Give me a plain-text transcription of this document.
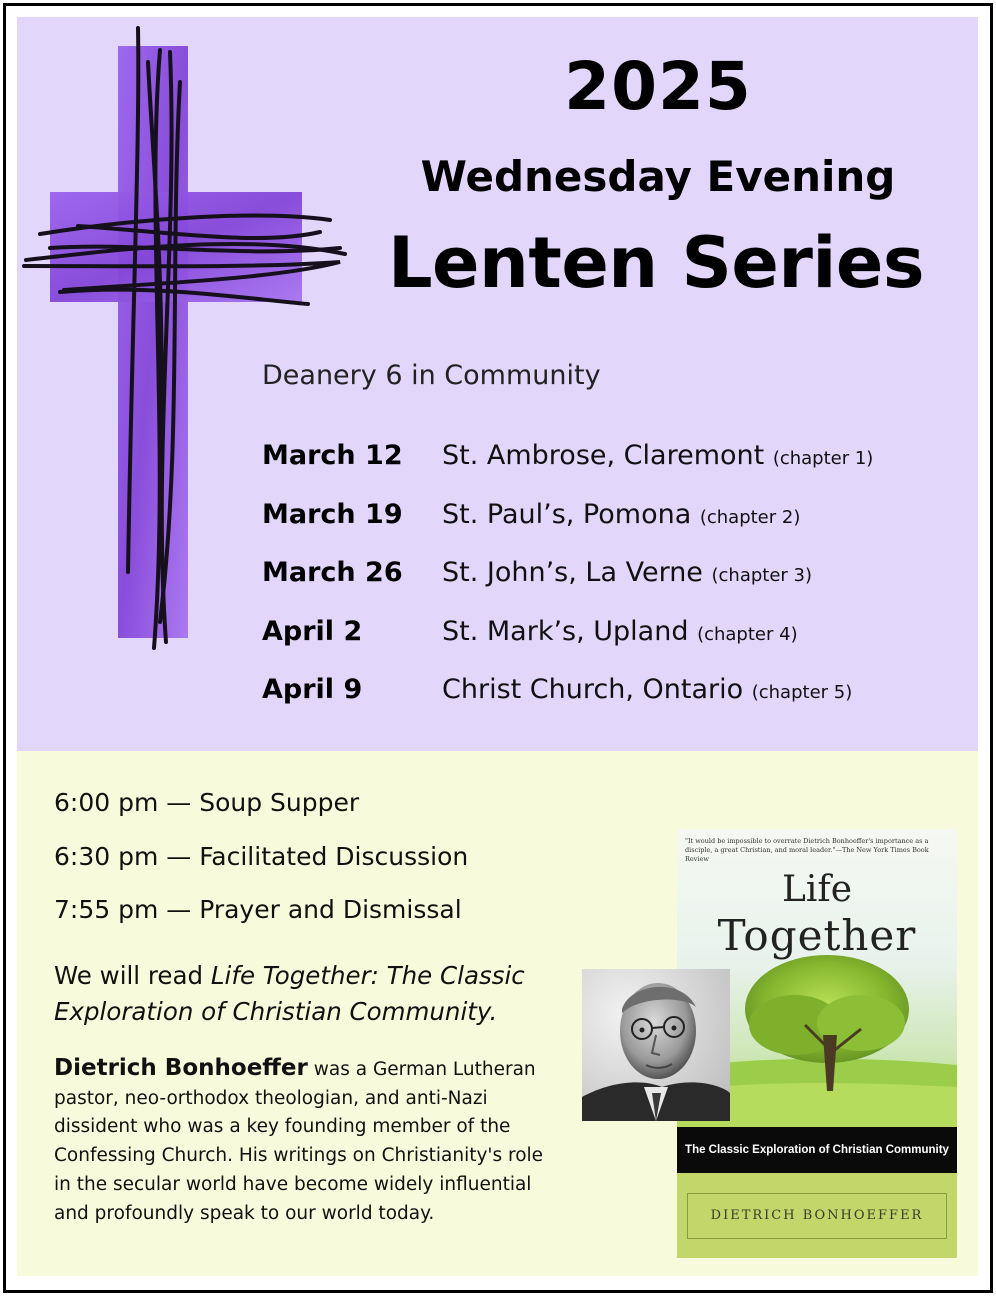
2025
Wednesday Evening
Lenten Series
Deanery 6 in Community
March 12 St. Ambrose, Claremont (chapter 1)
March 19 St. Paul’s, Pomona (chapter 2)
March 26 St. John’s, La Verne (chapter 3)
April 2	St. Mark’s, Upland (chapter 4)
April 9	Christ Church, Ontario (chapter 5)
6:00 pm — Soup Supper
6:30 pm — Facilitated Discussion
7:55 pm — Prayer and Dismissal
We will read Life Together: The Classic Exploration of Christian Community.
Dietrich Bonhoeffer was a German Lutheran pastor, neo-orthodox theologian, and anti-Nazi dissident who was a key founding member of the Confessing Church. His writings on Christianity's role in the secular world have become widely influential and profoundly speak to our world today.
"It would be impossible to overrate Dietrich Bonhoeffer's importance as a disciple, a great Christian, and moral leader."—The New York Times Book Review
Life
Together
The Classic Exploration of Christian Community
DIETRICH BONHOEFFER
